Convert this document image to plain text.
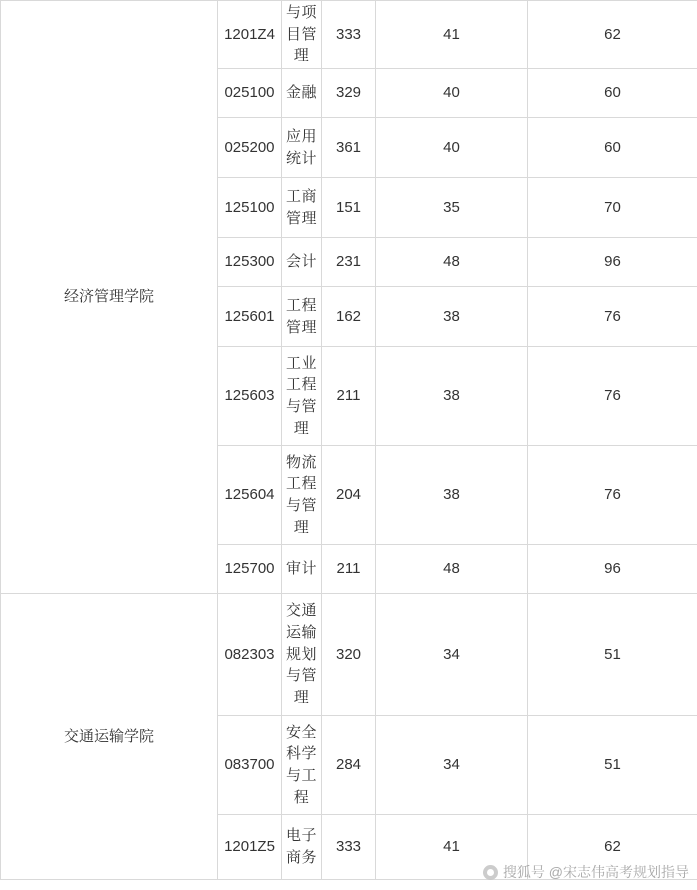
经济管理学院	1201Z4	与项目管理	333	41	62
	025100	金融	329	40	60
	025200	应用统计	361	40	60
	125100	工商管理	151	35	70
	125300	会计	231	48	96
	125601	工程管理	162	38	76
	125603	工业工程与管理	211	38	76
	125604	物流工程与管理	204	38	76
	125700	审计	211	48	96
交通运输学院	082303	交通运输规划与管理	320	34	51
	083700	安全科学与工程	284	34	51
	1201Z5	电子商务	333	41	62
搜狐号 @宋志伟高考规划指导
